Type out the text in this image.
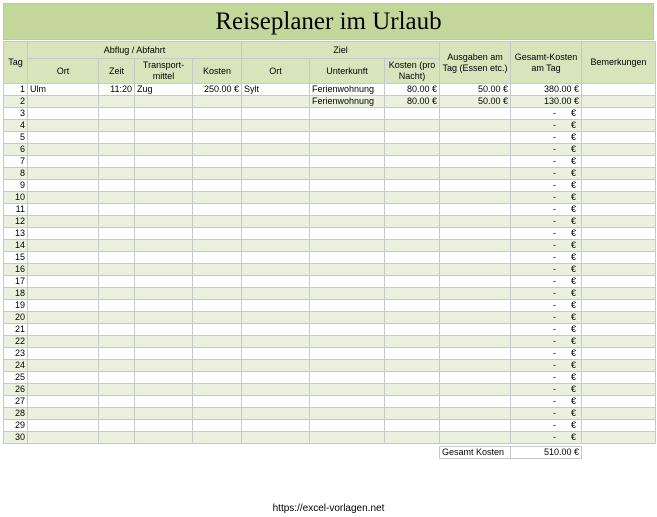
Reiseplaner im Urlaub
Tag	Abflug / Abfahrt				Ziel			Ausgaben am Tag (Essen etc.)	Gesamt-Kosten am Tag	Bemerkungen
	Ort	Zeit	Transport-mittel	Kosten	Ort	Unterkunft	Kosten (pro Nacht)			
1	Ulm	11:20	Zug	250.00 €	Sylt	Ferienwohnung	80.00 €	50.00 €	380.00 €	
2						Ferienwohnung	80.00 €	50.00 €	130.00 €	
3									- €	

4									- €	

5									- €	

6									- €	

7									- €	

8									- €	

9									- €	

10									- €	

11									- €	

12									- €	

13									- €	

14									- €	

15									- €	

16									- €	

17									- €	

18									- €	

19									- €	

20									- €	

21									- €	

22									- €	

23									- €	

24									- €	

25									- €	

26									- €	

27									- €	

28									- €	

29									- €	

30									- €	

Gesamt Kosten	510.00 €
https://excel-vorlagen.net
